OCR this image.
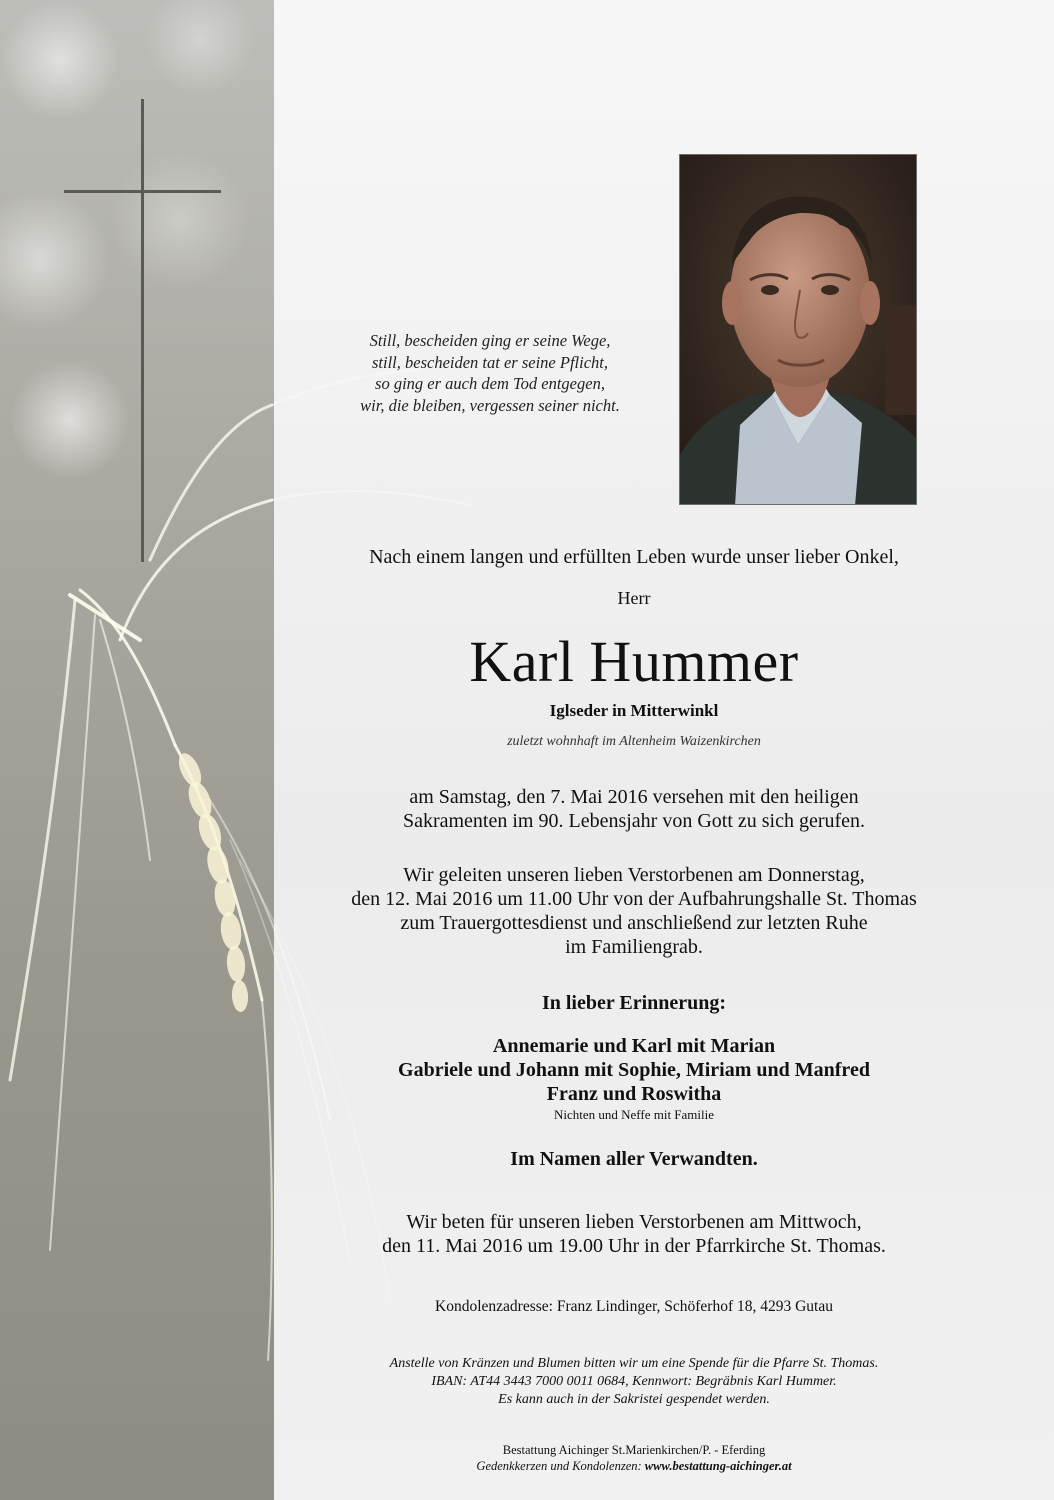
Still, bescheiden ging er seine Wege,
still, bescheiden tat er seine Pflicht,
so ging er auch dem Tod entgegen,
wir, die bleiben, vergessen seiner nicht.
Nach einem langen und erfüllten Leben wurde unser lieber Onkel,
Herr
Karl Hummer
Iglseder in Mitterwinkl
zuletzt wohnhaft im Altenheim Waizenkirchen
am Samstag, den 7. Mai 2016 versehen mit den heiligen
Sakramenten im 90. Lebensjahr von Gott zu sich gerufen.
Wir geleiten unseren lieben Verstorbenen am Donnerstag,
den 12. Mai 2016 um 11.00 Uhr von der Aufbahrungshalle St. Thomas
zum Trauergottesdienst und anschließend zur letzten Ruhe
im Familiengrab.
In lieber Erinnerung:
Annemarie und Karl mit Marian
Gabriele und Johann mit Sophie, Miriam und Manfred
Franz und Roswitha
Nichten und Neffe mit Familie
Im Namen aller Verwandten.
Wir beten für unseren lieben Verstorbenen am Mittwoch,
den 11. Mai 2016 um 19.00 Uhr in der Pfarrkirche St. Thomas.
Kondolenzadresse: Franz Lindinger, Schöferhof 18, 4293 Gutau
Anstelle von Kränzen und Blumen bitten wir um eine Spende für die Pfarre St. Thomas.
IBAN: AT44 3443 7000 0011 0684, Kennwort: Begräbnis Karl Hummer.
Es kann auch in der Sakristei gespendet werden.
Bestattung Aichinger St.Marienkirchen/P. - Eferding
Gedenkkerzen und Kondolenzen: www.bestattung-aichinger.at
